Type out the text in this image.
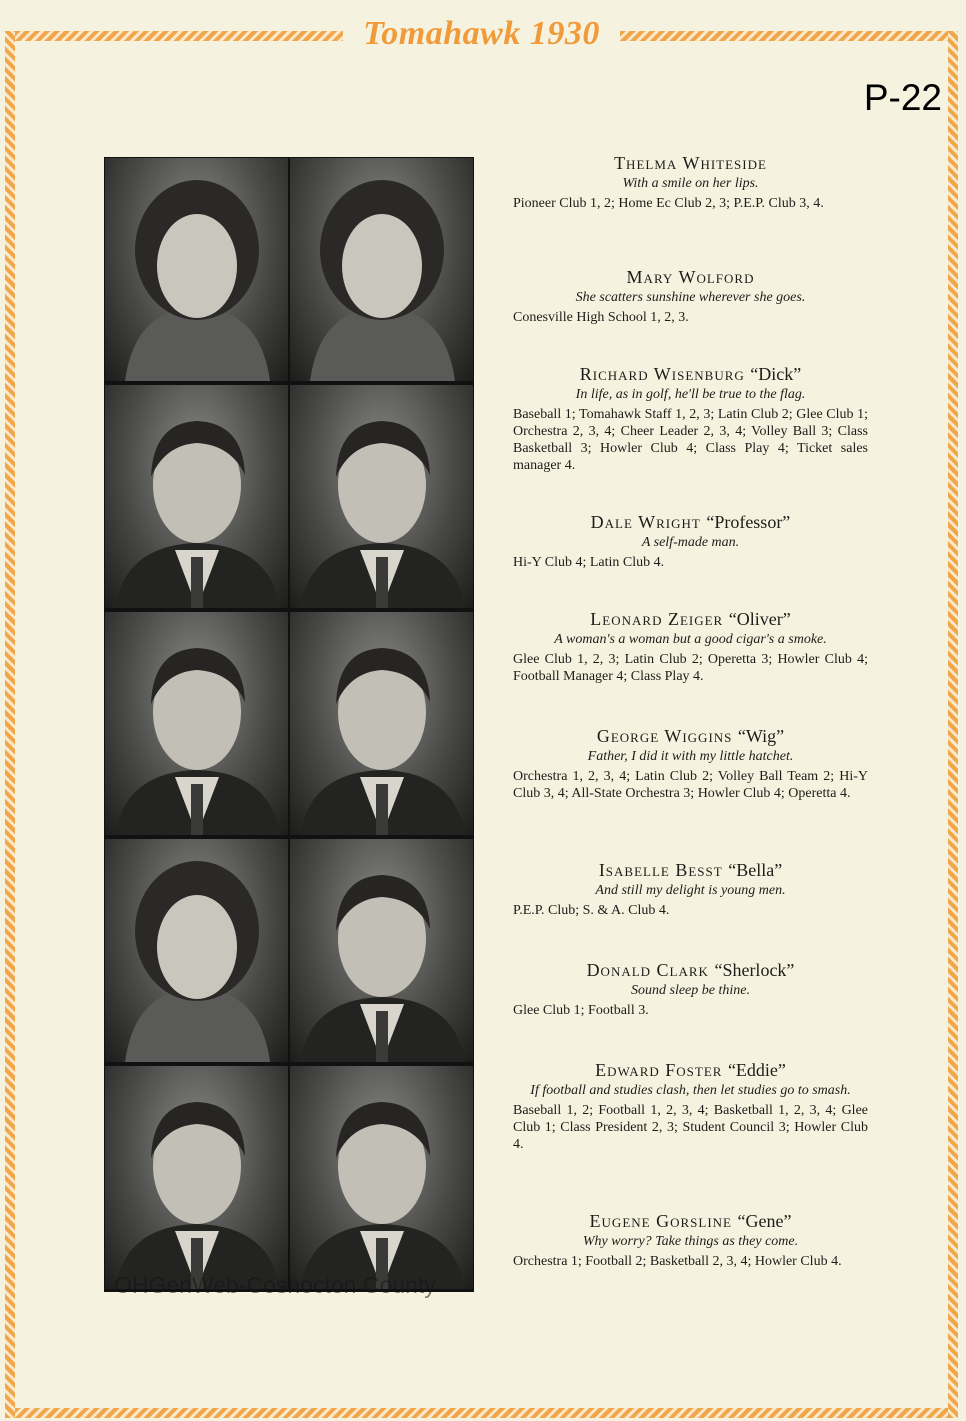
Tomahawk 1930
P-22
OHGenWeb-Coshocton County
Thelma Whiteside
With a smile on her lips.
Pioneer Club 1, 2; Home Ec Club 2, 3; P.E.P. Club 3, 4.
Mary Wolford
She scatters sunshine wherever she goes.
Conesville High School 1, 2, 3.
Richard Wisenburg “Dick”
In life, as in golf, he'll be true to the flag.
Baseball 1; Tomahawk Staff 1, 2, 3; Latin Club 2; Glee Club 1; Orchestra 2, 3, 4; Cheer Leader 2, 3, 4; Volley Ball 3; Class Basketball 3; Howler Club 4; Class Play 4; Ticket sales manager 4.
Dale Wright “Professor”
A self-made man.
Hi-Y Club 4; Latin Club 4.
Leonard Zeiger “Oliver”
A woman's a woman but a good cigar's a smoke.
Glee Club 1, 2, 3; Latin Club 2; Operetta 3; Howler Club 4; Football Manager 4; Class Play 4.
George Wiggins “Wig”
Father, I did it with my little hatchet.
Orchestra 1, 2, 3, 4; Latin Club 2; Volley Ball Team 2; Hi-Y Club 3, 4; All-State Orchestra 3; Howler Club 4; Operetta 4.
Isabelle Besst “Bella”
And still my delight is young men.
P.E.P. Club; S. & A. Club 4.
Donald Clark “Sherlock”
Sound sleep be thine.
Glee Club 1; Football 3.
Edward Foster “Eddie”
If football and studies clash, then let studies go to smash.
Baseball 1, 2; Football 1, 2, 3, 4; Basketball 1, 2, 3, 4; Glee Club 1; Class President 2, 3; Student Council 3; Howler Club 4.
Eugene Gorsline “Gene”
Why worry? Take things as they come.
Orchestra 1; Football 2; Basketball 2, 3, 4; Howler Club 4.
